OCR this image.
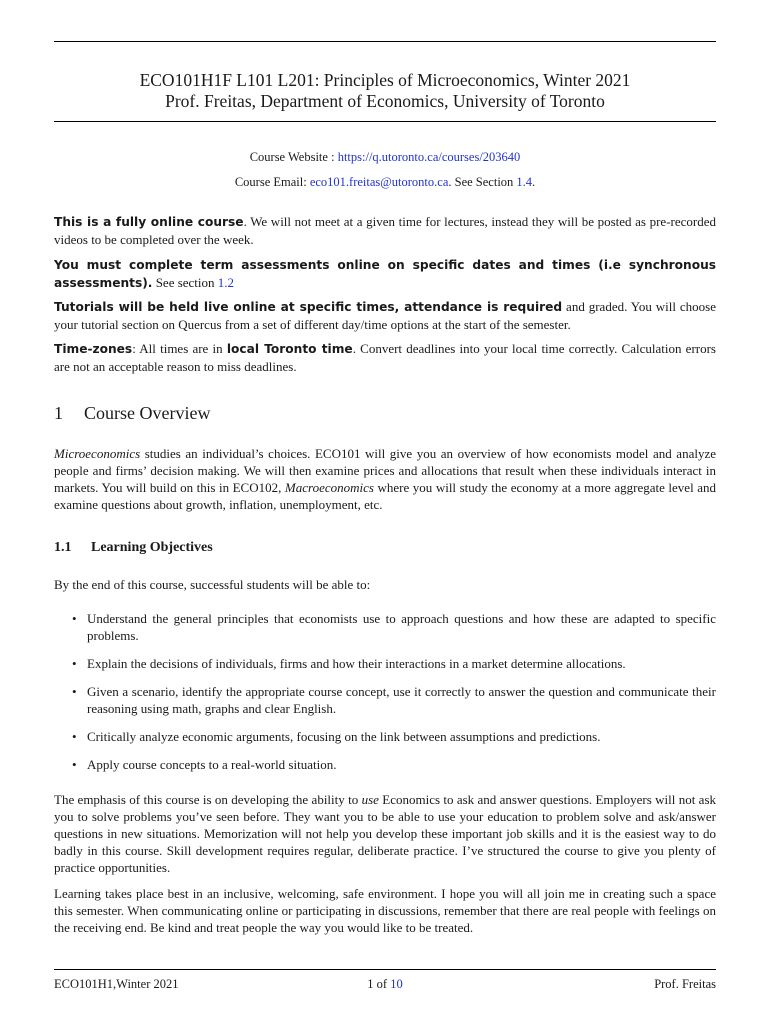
ECO101H1F L101 L201: Principles of Microeconomics, Winter 2021
Prof. Freitas, Department of Economics, University of Toronto
Course Website : https://q.utoronto.ca/courses/203640
Course Email: eco101.freitas@utoronto.ca. See Section 1.4.
This is a fully online course. We will not meet at a given time for lectures, instead they will be posted as pre-recorded videos to be completed over the week.
You must complete term assessments online on specific dates and times (i.e synchronous assessments). See section 1.2
Tutorials will be held live online at specific times, attendance is required and graded. You will choose your tutorial section on Quercus from a set of different day/time options at the start of the semester.
Time-zones: All times are in local Toronto time. Convert deadlines into your local time correctly. Calculation errors are not an acceptable reason to miss deadlines.
1 Course Overview
Microeconomics studies an individual’s choices. ECO101 will give you an overview of how economists model and analyze people and firms’ decision making. We will then examine prices and allocations that result when these individuals interact in markets. You will build on this in ECO102, Macroeconomics where you will study the economy at a more aggregate level and examine questions about growth, inflation, unemployment, etc.
1.1 Learning Objectives
By the end of this course, successful students will be able to:
• Understand the general principles that economists use to approach questions and how these are adapted to specific problems.
• Explain the decisions of individuals, firms and how their interactions in a market determine allocations.
• Given a scenario, identify the appropriate course concept, use it correctly to answer the question and communicate their reasoning using math, graphs and clear English.
• Critically analyze economic arguments, focusing on the link between assumptions and predictions.
• Apply course concepts to a real-world situation.
The emphasis of this course is on developing the ability to use Economics to ask and answer questions. Employers will not ask you to solve problems you’ve seen before. They want you to be able to use your education to problem solve and ask/answer questions in new situations. Memorization will not help you develop these important job skills and it is the easiest way to do badly in this course. Skill development requires regular, deliberate practice. I’ve structured the course to give you plenty of practice opportunities.
Learning takes place best in an inclusive, welcoming, safe environment. I hope you will all join me in creating such a space this semester. When communicating online or participating in discussions, remember that there are real people with feelings on the receiving end. Be kind and treat people the way you would like to be treated.
ECO101H1,Winter 2021	1 of 10	Prof. Freitas
